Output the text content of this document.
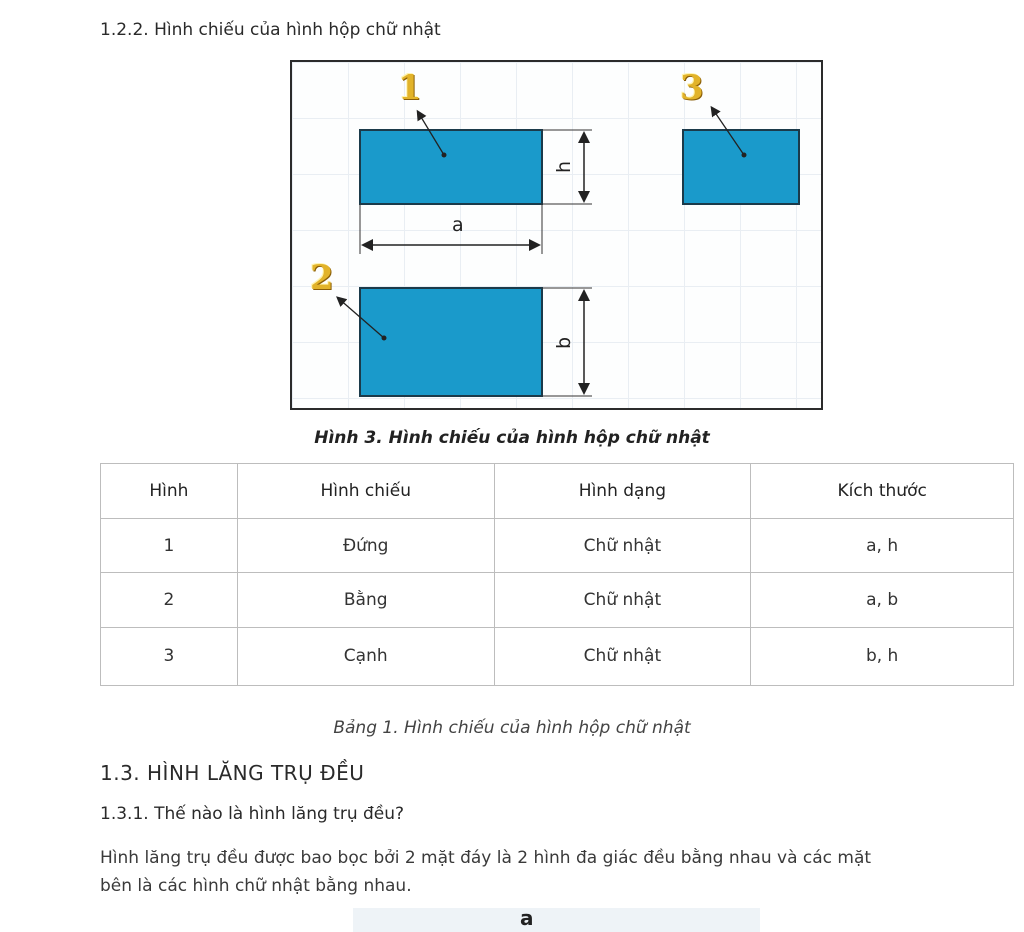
1.2.2. Hình chiếu của hình hộp chữ nhật
1
2
3
a
h
b
Hình 3. Hình chiếu của hình hộp chữ nhật
Hình	Hình chiếu	Hình dạng	Kích thước
1	Đứng	Chữ nhật	a, h
2	Bằng	Chữ nhật	a, b
3	Cạnh	Chữ nhật	b, h
Bảng 1. Hình chiếu của hình hộp chữ nhật
1.3. HÌNH LĂNG TRỤ ĐỀU
1.3.1. Thế nào là hình lăng trụ đều?
Hình lăng trụ đều được bao bọc bởi 2 mặt đáy là 2 hình đa giác đều bằng nhau và các mặt
bên là các hình chữ nhật bằng nhau.
a
